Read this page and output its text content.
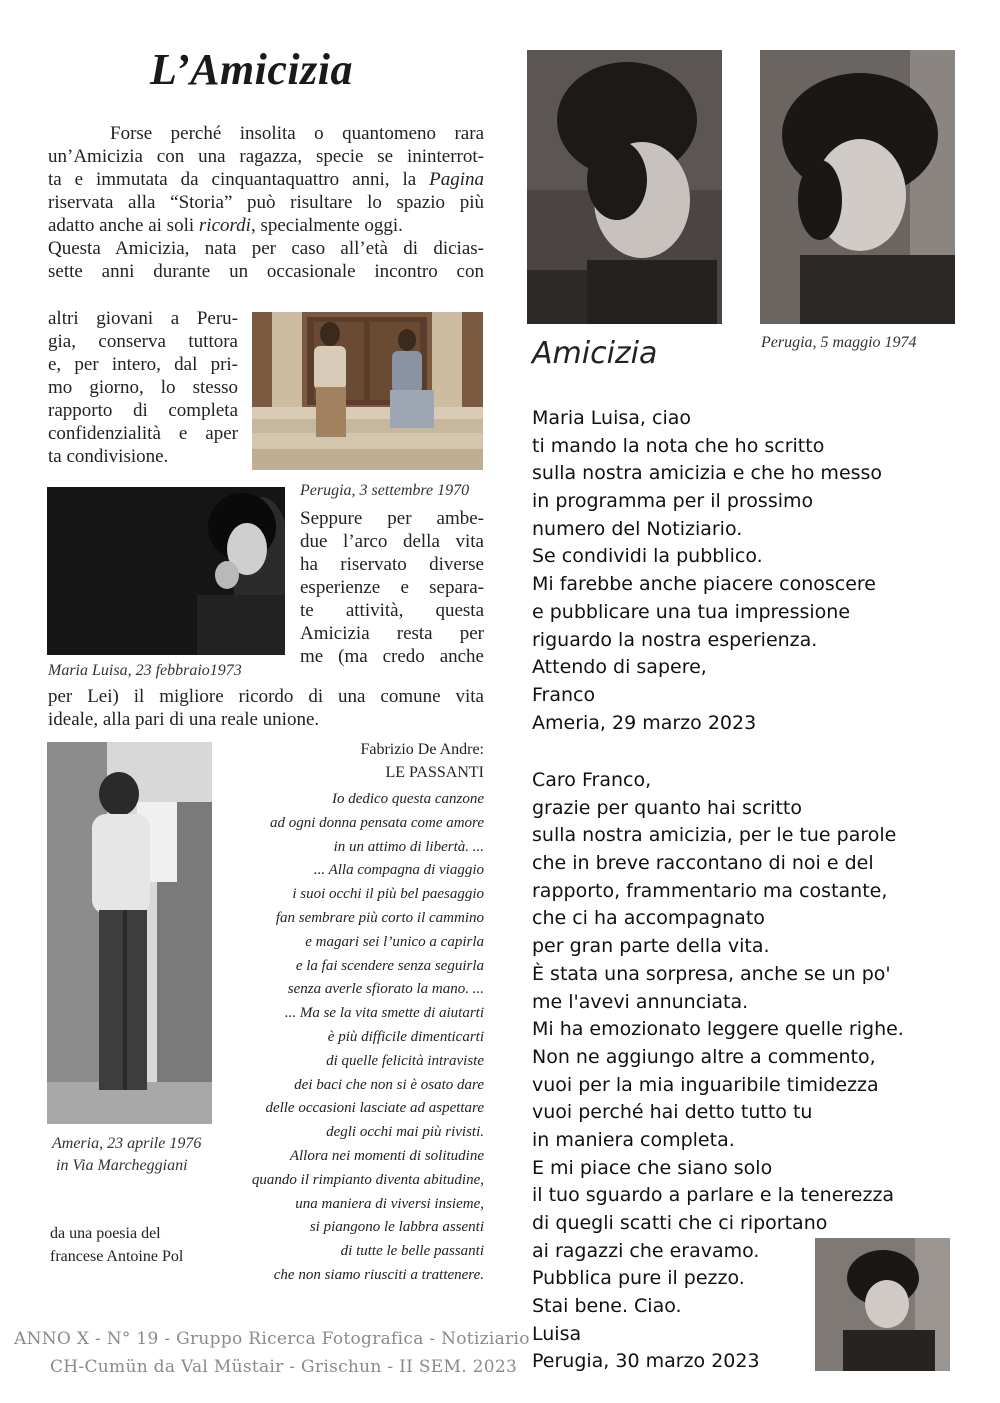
L’Amicizia
Forse perché insolita o quantomeno rara
un’Amicizia con una ragazza, specie se ininterrot-
ta e immutata da cinquantaquattro anni, la Pagina
riservata alla “Storia” può risultare lo spazio più
adatto anche ai soli ricordi, specialmente oggi.
Questa Amicizia, nata per caso all’età di dicias-
sette anni durante un occasionale incontro con
altri giovani a Peru-
gia, conserva tuttora
e, per intero, dal pri-
mo giorno, lo stesso
rapporto di completa
confidenzialità e aper
ta condivisione.
Perugia, 3 settembre 1970
Maria Luisa, 23 febbraio1973
Seppure per ambe-
due l’arco della vita
ha riservato diverse
esperienze e separa-
te attività, questa
Amicizia resta per
me (ma credo anche
per Lei) il migliore ricordo di una comune vita
ideale, alla pari di una reale unione.
Fabrizio De Andre:
LE PASSANTI
Ameria, 23 aprile 1976
in Via Marcheggiani
Io dedico questa canzone
ad ogni donna pensata come amore
in un attimo di libertà. ...
... Alla compagna di viaggio
i suoi occhi il più bel paesaggio
fan sembrare più corto il cammino
e magari sei l’unico a capirla
e la fai scendere senza seguirla
senza averle sfiorato la mano. ...
... Ma se la vita smette di aiutarti
è più difficile dimenticarti
di quelle felicità intraviste
dei baci che non si è osato dare
delle occasioni lasciate ad aspettare
degli occhi mai più rivisti.
Allora nei momenti di solitudine
quando il rimpianto diventa abitudine,
una maniera di viversi insieme,
si piangono le labbra assenti
di tutte le belle passanti
che non siamo riusciti a trattenere.
da una poesia del
francese Antoine Pol
ANNO X - N° 19 - Gruppo Ricerca Fotografica - Notiziario
CH-Cumün da Val Müstair - Grischun - II SEM. 2023
Perugia, 5 maggio 1974
Amicizia
Maria Luisa, ciao
ti mando la nota che ho scritto
sulla nostra amicizia e che ho messo
in programma per il prossimo
numero del Notiziario.
Se condividi la pubblico.
Mi farebbe anche piacere conoscere
e pubblicare una tua impressione
riguardo la nostra esperienza.
Attendo di sapere,
Franco
Ameria, 29 marzo 2023
Caro Franco,
grazie per quanto hai scritto
sulla nostra amicizia, per le tue parole
che in breve raccontano di noi e del
rapporto, frammentario ma costante,
che ci ha accompagnato
per gran parte della vita.
È stata una sorpresa, anche se un po'
me l'avevi annunciata.
Mi ha emozionato leggere quelle righe.
Non ne aggiungo altre a commento,
vuoi per la mia inguaribile timidezza
vuoi perché hai detto tutto tu
in maniera completa.
E mi piace che siano solo
il tuo sguardo a parlare e la tenerezza
di quegli scatti che ci riportano
ai ragazzi che eravamo.
Pubblica pure il pezzo.
Stai bene. Ciao.
Luisa
Perugia, 30 marzo 2023
